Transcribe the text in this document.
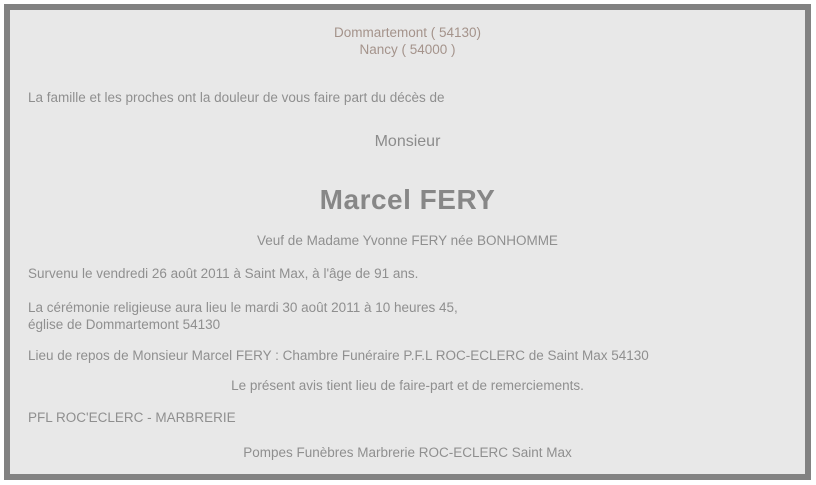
Dommartemont ( 54130)

Nancy ( 54000 )

La famille et les proches ont la douleur de vous faire part du décès de

Monsieur

Marcel FERY

Veuf de Madame Yvonne FERY née BONHOMME

Survenu le vendredi 26 août 2011 à Saint Max, à l'âge de 91 ans.

La cérémonie religieuse aura lieu le mardi 30 août 2011 à 10 heures 45,

église de Dommartemont 54130

Lieu de repos de Monsieur Marcel FERY : Chambre Funéraire P.F.L ROC-ECLERC de Saint Max 54130

Le présent avis tient lieu de faire-part et de remerciements.

PFL ROC'ECLERC - MARBRERIE

Pompes Funèbres Marbrerie ROC-ECLERC Saint Max
